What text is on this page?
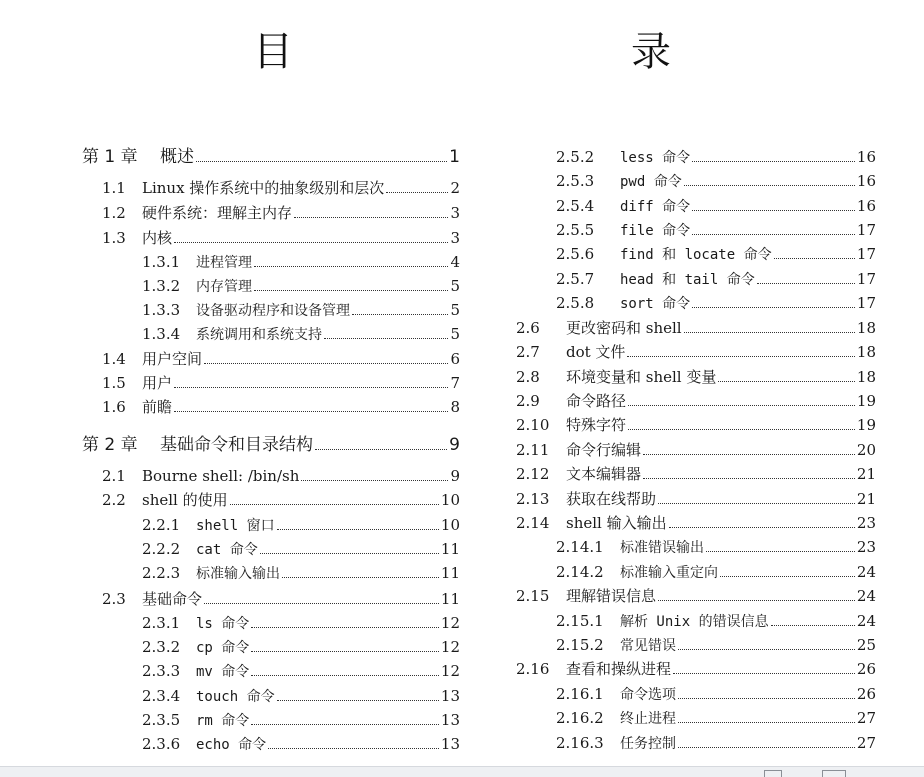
目　　录
第 1 章	概述	1
1.1	Linux 操作系统中的抽象级别和层次	2
1.2	硬件系统：理解主内存	3
1.3	内核	3
1.3.1	进程管理	4
1.3.2	内存管理	5
1.3.3	设备驱动程序和设备管理	5
1.3.4	系统调用和系统支持	5
1.4	用户空间	6
1.5	用户	7
1.6	前瞻	8
第 2 章	基础命令和目录结构	9
2.1	Bourne shell: /bin/sh	9
2.2	shell 的使用	10
2.2.1	shell 窗口	10
2.2.2	cat 命令	11
2.2.3	标准输入输出	11
2.3	基础命令	11
2.3.1	ls 命令	12
2.3.2	cp 命令	12
2.3.3	mv 命令	12
2.3.4	touch 命令	13
2.3.5	rm 命令	13
2.3.6	echo 命令	13
2.5.2	less 命令	16
2.5.3	pwd 命令	16
2.5.4	diff 命令	16
2.5.5	file 命令	17
2.5.6	find 和 locate 命令	17
2.5.7	head 和 tail 命令	17
2.5.8	sort 命令	17
2.6	更改密码和 shell	18
2.7	dot 文件	18
2.8	环境变量和 shell 变量	18
2.9	命令路径	19
2.10	特殊字符	19
2.11	命令行编辑	20
2.12	文本编辑器	21
2.13	获取在线帮助	21
2.14	shell 输入输出	23
2.14.1	标准错误输出	23
2.14.2	标准输入重定向	24
2.15	理解错误信息	24
2.15.1	解析 Unix 的错误信息	24
2.15.2	常见错误	25
2.16	查看和操纵进程	26
2.16.1	命令选项	26
2.16.2	终止进程	27
2.16.3	任务控制	27
